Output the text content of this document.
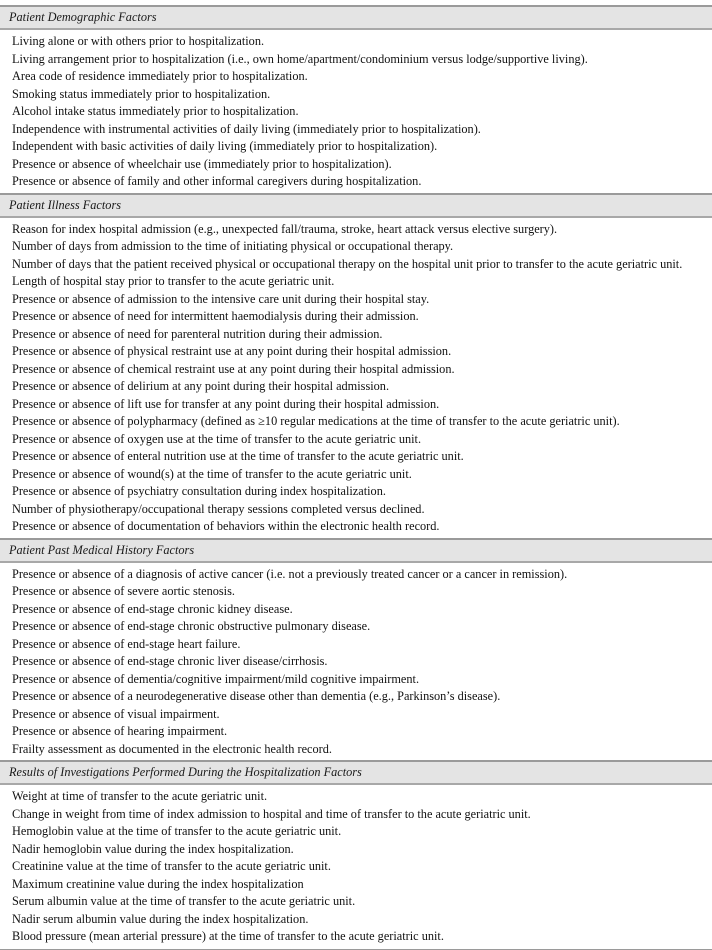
Patient Demographic Factors
Living alone or with others prior to hospitalization.
Living arrangement prior to hospitalization (i.e., own home/apartment/condominium versus lodge/supportive living).
Area code of residence immediately prior to hospitalization.
Smoking status immediately prior to hospitalization.
Alcohol intake status immediately prior to hospitalization.
Independence with instrumental activities of daily living (immediately prior to hospitalization).
Independent with basic activities of daily living (immediately prior to hospitalization).
Presence or absence of wheelchair use (immediately prior to hospitalization).
Presence or absence of family and other informal caregivers during hospitalization.
Patient Illness Factors
Reason for index hospital admission (e.g., unexpected fall/trauma, stroke, heart attack versus elective surgery).
Number of days from admission to the time of initiating physical or occupational therapy.
Number of days that the patient received physical or occupational therapy on the hospital unit prior to transfer to the acute geriatric unit.
Length of hospital stay prior to transfer to the acute geriatric unit.
Presence or absence of admission to the intensive care unit during their hospital stay.
Presence or absence of need for intermittent haemodialysis during their admission.
Presence or absence of need for parenteral nutrition during their admission.
Presence or absence of physical restraint use at any point during their hospital admission.
Presence or absence of chemical restraint use at any point during their hospital admission.
Presence or absence of delirium at any point during their hospital admission.
Presence or absence of lift use for transfer at any point during their hospital admission.
Presence or absence of polypharmacy (defined as ≥10 regular medications at the time of transfer to the acute geriatric unit).
Presence or absence of oxygen use at the time of transfer to the acute geriatric unit.
Presence or absence of enteral nutrition use at the time of transfer to the acute geriatric unit.
Presence or absence of wound(s) at the time of transfer to the acute geriatric unit.
Presence or absence of psychiatry consultation during index hospitalization.
Number of physiotherapy/occupational therapy sessions completed versus declined.
Presence or absence of documentation of behaviors within the electronic health record.
Patient Past Medical History Factors
Presence or absence of a diagnosis of active cancer (i.e. not a previously treated cancer or a cancer in remission).
Presence or absence of severe aortic stenosis.
Presence or absence of end-stage chronic kidney disease.
Presence or absence of end-stage chronic obstructive pulmonary disease.
Presence or absence of end-stage heart failure.
Presence or absence of end-stage chronic liver disease/cirrhosis.
Presence or absence of dementia/cognitive impairment/mild cognitive impairment.
Presence or absence of a neurodegenerative disease other than dementia (e.g., Parkinson’s disease).
Presence or absence of visual impairment.
Presence or absence of hearing impairment.
Frailty assessment as documented in the electronic health record.
Results of Investigations Performed During the Hospitalization Factors
Weight at time of transfer to the acute geriatric unit.
Change in weight from time of index admission to hospital and time of transfer to the acute geriatric unit.
Hemoglobin value at the time of transfer to the acute geriatric unit.
Nadir hemoglobin value during the index hospitalization.
Creatinine value at the time of transfer to the acute geriatric unit.
Maximum creatinine value during the index hospitalization
Serum albumin value at the time of transfer to the acute geriatric unit.
Nadir serum albumin value during the index hospitalization.
Blood pressure (mean arterial pressure) at the time of transfer to the acute geriatric unit.
